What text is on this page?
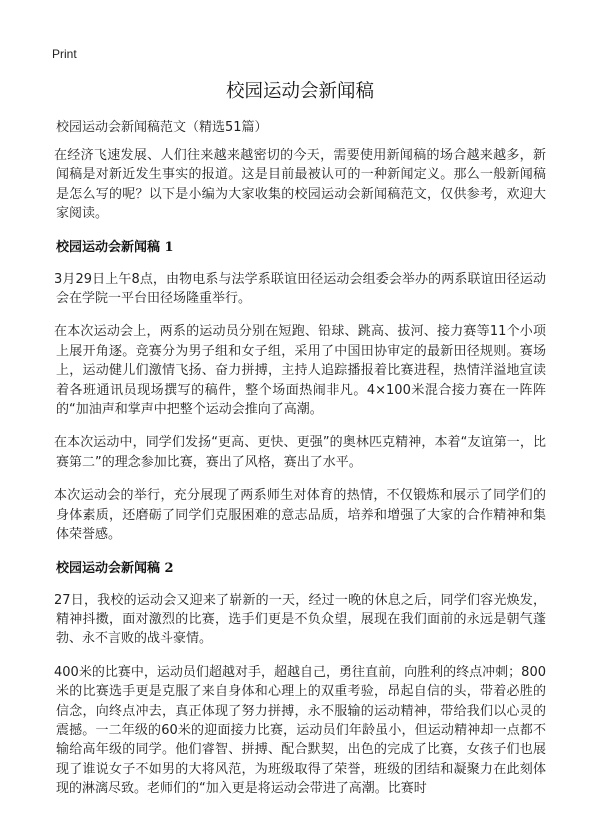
Print
校园运动会新闻稿

校园运动会新闻稿范文（精选51篇）

在经济飞速发展、人们往来越来越密切的今天，需要使用新闻稿的场合越来越多，新闻稿是对新近发生事实的报道。这是目前最被认可的一种新闻定义。那么一般新闻稿是怎么写的呢？以下是小编为大家收集的校园运动会新闻稿范文，仅供参考，欢迎大家阅读。

校园运动会新闻稿 1

3月29日上午8点，由物电系与法学系联谊田径运动会组委会举办的两系联谊田径运动会在学院一平台田径场隆重举行。

在本次运动会上，两系的运动员分别在短跑、铅球、跳高、拔河、接力赛等11个小项上展开角逐。竞赛分为男子组和女子组，采用了中国田协审定的最新田径规则。赛场上，运动健儿们激情飞扬、奋力拼搏，主持人追踪播报着比赛进程，热情洋溢地宣读着各班通讯员现场撰写的稿件，整个场面热闹非凡。4×100米混合接力赛在一阵阵的“加油声和掌声中把整个运动会推向了高潮。

在本次运动中，同学们发扬“更高、更快、更强”的奥林匹克精神，本着“友谊第一，比赛第二”的理念参加比赛，赛出了风格，赛出了水平。

本次运动会的举行，充分展现了两系师生对体育的热情，不仅锻炼和展示了同学们的身体素质，还磨砺了同学们克服困难的意志品质，培养和增强了大家的合作精神和集体荣誉感。

校园运动会新闻稿 2

27日，我校的运动会又迎来了崭新的一天，经过一晚的休息之后，同学们容光焕发，精神抖擞，面对激烈的比赛，选手们更是不负众望，展现在我们面前的永远是朝气蓬勃、永不言败的战斗豪情。

400米的比赛中，运动员们超越对手，超越自己，勇往直前，向胜利的终点冲刺；800米的比赛选手更是克服了来自身体和心理上的双重考验，昂起自信的头，带着必胜的信念，向终点冲去，真正体现了努力拼搏，永不服输的运动精神，带给我们以心灵的震撼。一二年级的60米的迎面接力比赛，运动员们年龄虽小，但运动精神却一点都不输给高年级的同学。他们睿智、拼搏、配合默契，出色的完成了比赛，女孩子们也展现了谁说女子不如男的大将风范，为班级取得了荣誉，班级的团结和凝聚力在此刻体现的淋漓尽致。老师们的“加入更是将运动会带进了高潮。比赛时
